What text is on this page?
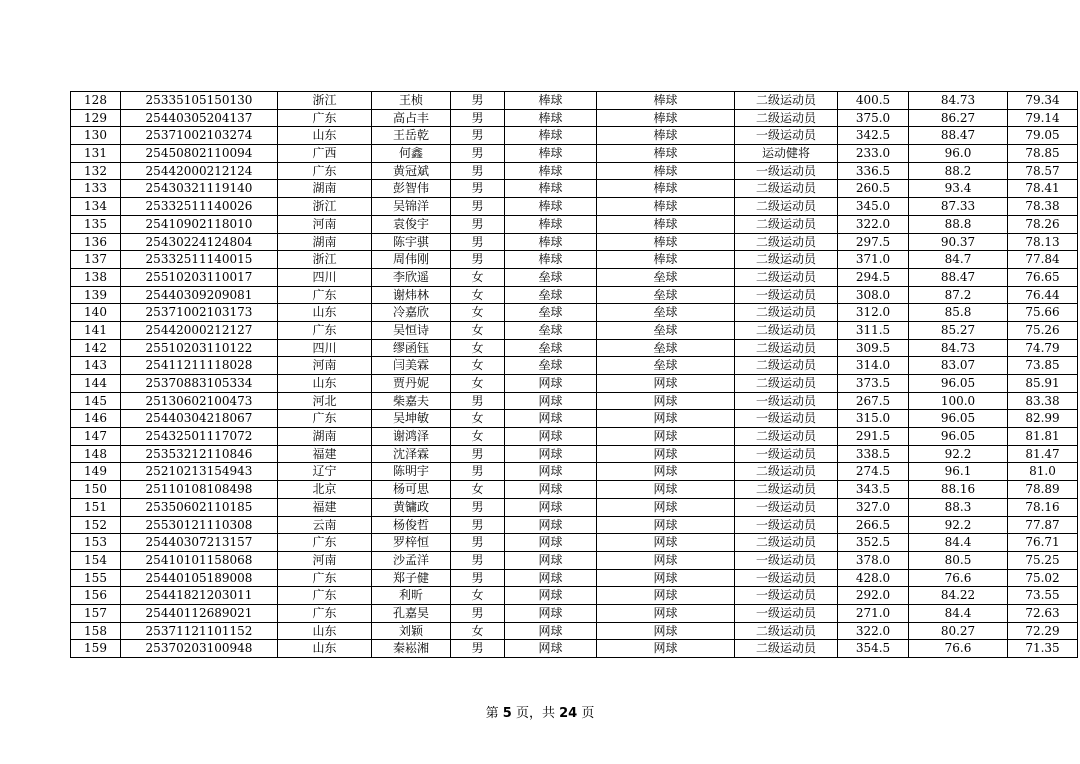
128	25335105150130	浙江	王桢	男	棒球	棒球	二级运动员	400.5	84.73	79.34
129	25440305204137	广东	高占丰	男	棒球	棒球	二级运动员	375.0	86.27	79.14
130	25371002103274	山东	王岳乾	男	棒球	棒球	一级运动员	342.5	88.47	79.05
131	25450802110094	广西	何鑫	男	棒球	棒球	运动健将	233.0	96.0	78.85
132	25442000212124	广东	黄冠斌	男	棒球	棒球	一级运动员	336.5	88.2	78.57
133	25430321119140	湖南	彭智伟	男	棒球	棒球	二级运动员	260.5	93.4	78.41
134	25332511140026	浙江	吴锦洋	男	棒球	棒球	二级运动员	345.0	87.33	78.38
135	25410902118010	河南	袁俊宇	男	棒球	棒球	二级运动员	322.0	88.8	78.26
136	25430224124804	湖南	陈宇骐	男	棒球	棒球	二级运动员	297.5	90.37	78.13
137	25332511140015	浙江	周伟刚	男	棒球	棒球	二级运动员	371.0	84.7	77.84
138	25510203110017	四川	李欣遥	女	垒球	垒球	二级运动员	294.5	88.47	76.65
139	25440309209081	广东	谢炜林	女	垒球	垒球	一级运动员	308.0	87.2	76.44
140	25371002103173	山东	冷嘉欣	女	垒球	垒球	二级运动员	312.0	85.8	75.66
141	25442000212127	广东	吴恒诗	女	垒球	垒球	二级运动员	311.5	85.27	75.26
142	25510203110122	四川	缪函钰	女	垒球	垒球	二级运动员	309.5	84.73	74.79
143	25411211118028	河南	闫美霖	女	垒球	垒球	二级运动员	314.0	83.07	73.85
144	25370883105334	山东	贾丹妮	女	网球	网球	二级运动员	373.5	96.05	85.91
145	25130602100473	河北	柴嘉夫	男	网球	网球	一级运动员	267.5	100.0	83.38
146	25440304218067	广东	吴坤敏	女	网球	网球	一级运动员	315.0	96.05	82.99
147	25432501117072	湖南	谢鸿泽	女	网球	网球	二级运动员	291.5	96.05	81.81
148	25353212110846	福建	沈泽霖	男	网球	网球	一级运动员	338.5	92.2	81.47
149	25210213154943	辽宁	陈明宇	男	网球	网球	二级运动员	274.5	96.1	81.0
150	25110108108498	北京	杨可思	女	网球	网球	二级运动员	343.5	88.16	78.89
151	25350602110185	福建	黄镛政	男	网球	网球	一级运动员	327.0	88.3	78.16
152	25530121110308	云南	杨俊哲	男	网球	网球	一级运动员	266.5	92.2	77.87
153	25440307213157	广东	罗梓恒	男	网球	网球	二级运动员	352.5	84.4	76.71
154	25410101158068	河南	沙孟洋	男	网球	网球	一级运动员	378.0	80.5	75.25
155	25440105189008	广东	郑子健	男	网球	网球	一级运动员	428.0	76.6	75.02
156	25441821203011	广东	利昕	女	网球	网球	一级运动员	292.0	84.22	73.55
157	25440112689021	广东	孔嘉昊	男	网球	网球	一级运动员	271.0	84.4	72.63
158	25371121101152	山东	刘颖	女	网球	网球	二级运动员	322.0	80.27	72.29
159	25370203100948	山东	秦崧湘	男	网球	网球	二级运动员	354.5	76.6	71.35
第 5 页，共 24 页
